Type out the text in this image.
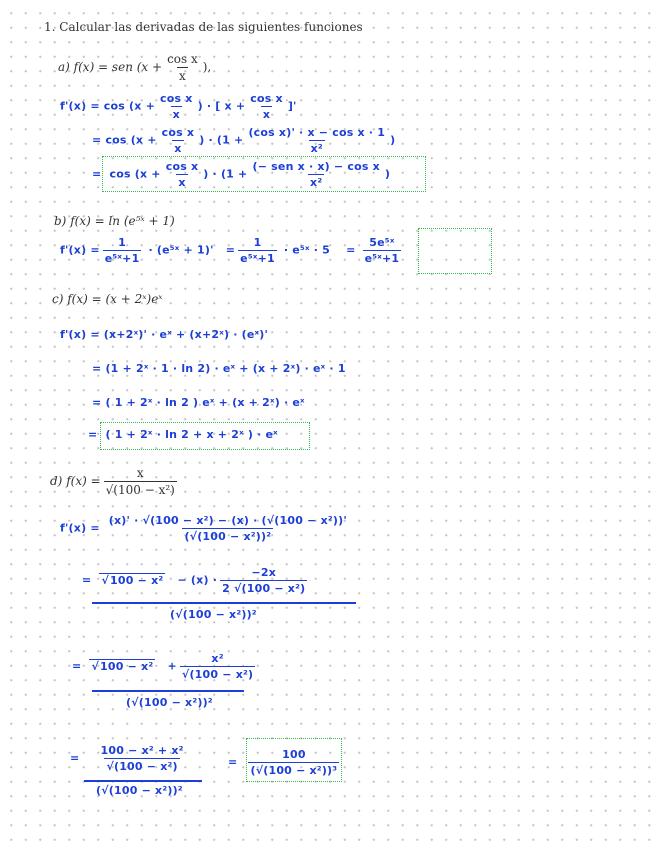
1. Calcular las derivadas de las siguientes funciones
a) f(x) = sen ($x + \frac{\text{cos x}}{x}$ ),
$f'(x) = \cos (x + \frac{\text{cos x}}{x}$ ) · [ $x + \frac{\text{cos x}}{x}$ ]'
= $\cos (x + \frac{\text{cos x}}{x}$ ) · ($1 + \frac{\text{(cos x)' · x − cos x · 1}}{\text{x²}}$ )
= $\cos (x + \frac{\text{cos x}}{x}$ ) · ($1 + \frac{\text{(− sen x · x) − cos x}}{\text{x²}}$ )
b) f(x) = ln (e⁵ˣ + 1)
$f'(x) = \frac{1}{\text{e⁵ˣ+1}}$ · (e⁵ˣ + $1)' = \frac{1}{\text{e⁵ˣ+1}}$ · e⁵ˣ · $5 = \frac{\text{5e⁵ˣ}}{\text{e⁵ˣ+1}}$
c) f(x) = (x + 2ˣ)eˣ
f'(x) = (x+2ˣ)' · eˣ + (x+2ˣ) · (eˣ)'
= (1 + 2ˣ · 1 · ln 2) · eˣ + (x + 2ˣ) · eˣ · 1
= ( 1 + 2ˣ · ln 2 ) eˣ + (x + 2ˣ) · eˣ
= ( 1 + 2ˣ · ln 2 + x + 2ˣ ) · eˣ
d) $f(x) = \frac{x}{\text{√(100 − x²)}}$
$f'(x) = \frac{\text{(x)' · √(100 − x²) − (x) · (√(100 − x²))'}}{\text{(√(100 − x²))²}}$
= √ $100 - x^2 - (x) \cdot \frac{-2x}{\text{2 √(100 − x²)}}$
(√(100 − x²))²
= √ $100 - x^2 + \frac{\text{x²}}{\text{√(100 − x²)}}$
(√(100 − x²))²
= $\frac{\text{100 − x² + x²}}{\text{√(100 − x²)}}$
(√(100 − x²))²
= $\frac{100}{\text{(√(100 − x²))³}}$
